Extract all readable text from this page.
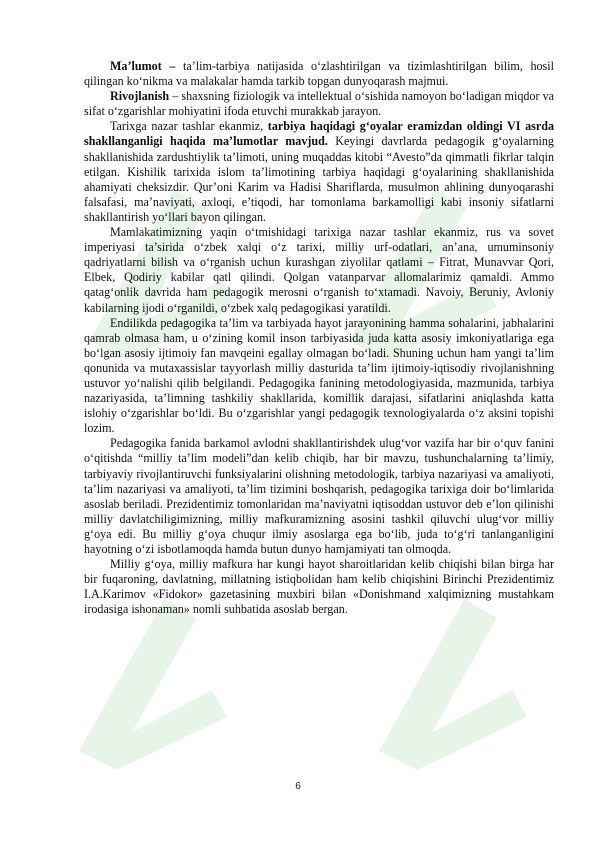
Ma’lumot – ta’lim-tarbiya natijasida o‘zlashtirilgan va tizimlashtirilgan bilim, hosil qilingan ko‘nikma va malakalar hamda tarkib topgan dunyoqarash majmui.

Rivojlanish – shaxsning fiziologik va intellektual o‘sishida namoyon bo‘ladigan miqdor va sifat o‘zgarishlar mohiyatini ifoda etuvchi murakkab jarayon.

Tarixga nazar tashlar ekanmiz, tarbiya haqidagi g‘oyalar eramizdan oldingi VI asrda shakllanganligi haqida ma’lumotlar mavjud. Keyingi davrlarda pedagogik g‘oyalarning shakllanishida zardushtiylik ta’limoti, uning muqaddas kitobi “Avesto”da qimmatli fikrlar talqin etilgan. Kishilik tarixida islom ta’limotining tarbiya haqidagi g‘oyalarining shakllanishida ahamiyati cheksizdir. Qur’oni Karim va Hadisi Shariflarda, musulmon ahlining dunyoqarashi falsafasi, ma’naviyati, axloqi, e’tiqodi, har tomonlama barkamolligi kabi insoniy sifatlarni shakllantirish yo‘llari bayon qilingan.

Mamlakatimizning yaqin o‘tmishidagi tarixiga nazar tashlar ekanmiz, rus va sovet imperiyasi ta’sirida o‘zbek xalqi o‘z tarixi, milliy urf-odatlari, an’ana, umuminsoniy qadriyatlarni bilish va o‘rganish uchun kurashgan ziyolilar qatlami – Fitrat, Munavvar Qori, Elbek, Qodiriy kabilar qatl qilindi. Qolgan vatanparvar allomalarimiz qamaldi. Ammo qatag‘onlik davrida ham pedagogik merosni o‘rganish to‘xtamadi. Navoiy, Beruniy, Avloniy kabilarning ijodi o‘rganildi, o‘zbek xalq pedagogikasi yaratildi.

Endilikda pedagogika ta’lim va tarbiyada hayot jarayonining hamma sohalarini, jabhalarini qamrab olmasa ham, u o‘zining komil inson tarbiyasida juda katta asosiy imkoniyatlariga ega bo‘lgan asosiy ijtimoiy fan mavqeini egallay olmagan bo‘ladi. Shuning uchun ham yangi ta’lim qonunida va mutaxassislar tayyorlash milliy dasturida ta’lim ijtimoiy-iqtisodiy rivojlanishning ustuvor yo‘nalishi qilib belgilandi. Pedagogika fanining metodologiyasida, mazmunida, tarbiya nazariyasida, ta’limning tashkiliy shakllarida, komillik darajasi, sifatlarini aniqlashda katta islohiy o‘zgarishlar bo‘ldi. Bu o‘zgarishlar yangi pedagogik texnologiyalarda o‘z aksini topishi lozim.

Pedagogika fanida barkamol avlodni shakllantirishdek ulug‘vor vazifa har bir o‘quv fanini o‘qitishda “milliy ta’lim modeli”dan kelib chiqib, har bir mavzu, tushunchalarning ta’limiy, tarbiyaviy rivojlantiruvchi funksiyalarini olishning metodologik, tarbiya nazariyasi va amaliyoti, ta’lim nazariyasi va amaliyoti, ta’lim tizimini boshqarish, pedagogika tarixiga doir bo‘limlarida asoslab beriladi. Prezidentimiz tomonlaridan ma’naviyatni iqtisoddan ustuvor deb e’lon qilinishi milliy davlatchiligimizning, milliy mafkuramizning asosini tashkil qiluvchi ulug‘vor milliy g‘oya edi. Bu milliy g‘oya chuqur ilmiy asoslarga ega bo‘lib, juda to‘g‘ri tanlanganligini hayotning o‘zi isbotlamoqda hamda butun dunyo hamjamiyati tan olmoqda.

Milliy g‘oya, milliy mafkura har kungi hayot sharoitlaridan kelib chiqishi bilan birga har bir fuqaroning, davlatning, millatning istiqbolidan ham kelib chiqishini Birinchi Prezidentimiz I.A.Karimov «Fidokor» gazetasining muxbiri bilan «Donishmand xalqimizning mustahkam irodasiga ishonaman» nomli suhbatida asoslab bergan.

6
